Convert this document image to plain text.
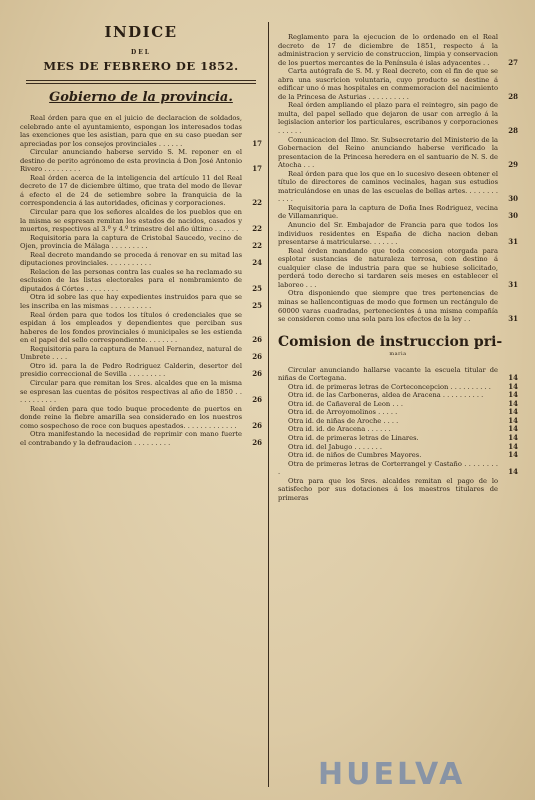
INDICE
DEL
MES DE FEBRERO DE 1852.
Gobierno de la provincia.
Real órden para que en el juicio de declaracion de soldados, celebrado ante el ayuntamiento, espongan los interesados todas las exenciones que les asistian, para que en su caso puedan ser apreciadas por los consejos provinciales . . . . . .	17
Circular anunciando haberse servido S. M. reponer en el destino de perito agrónomo de esta provincia á Don José Antonio Rivero . . . . . . . . .	17
Real órden acerca de la inteligencia del artículo 11 del Real decreto de 17 de diciembre último, que trata del modo de llevar á efecto el de 24 de setiembre sobre la franquicia de la correspondencia á las autoridades, oficinas y corporaciones.	22
Circular para que los señores alcaldes de los pueblos que en la misma se espresan remitan los estados de nacidos, casados y muertos, respectivos al 3.º y 4.º trimestre del año último . . . . . .	22
Requisitoria para la captura de Cristobal Saucedo, vecino de Ojen, provincia de Málaga . . . . . . . . .	22
Real decreto mandando se proceda á renovar en su mitad las diputaciones provinciales. . . . . . . . . . .	24
Relacion de las personas contra las cuales se ha reclamado su esclusion de las listas electorales para el nombramiento de diputados á Córtes . . . . . . . .	25
Otra id sobre las que hay expedientes instruidos para que se les inscriba en las mismas . . . . . . . . . .	25
Real órden para que todos los títulos ó credenciales que se espidan á los empleados y dependientes que perciban sus haberes de los fondos provinciales ó municipales se les estienda en el papel del sello correspondiente. . . . . . . .	26
Requisitoria para la captura de Manuel Fernandez, natural de Umbrete . . . .	26
Otro id. para la de Pedro Rodriguez Calderin, desertor del presidio correccional de Sevilla . . . . . . . . .	26
Circular para que remitan los Sres. alcaldes que en la misma se espresan las cuentas de pósitos respectivas al año de 1850 . . . . . . . . . . .	26
Real órden para que todo buque procedente de puertos en donde reine la fiebre amarilla sea considerado en los nuestros como sospechoso de roce con buques apestados. . . . . . . . . . . . .	26
Otra manifestando la necesidad de reprimir con mano fuerte el contrabando y la defraudacion . . . . . . . . .	26
Reglamento para la ejecucion de lo ordenado en el Real decreto de 17 de diciembre de 1851, respecto á la administracion y servicio de construccion, limpia y conservacion de los puertos mercantes de la Península é islas adyacentes . .	27
Carta autógrafa de S. M. y Real decreto, con el fin de que se abra una suscricion voluntaria, cuyo producto se destine á edificar uno ó mas hospitales en conmemoracion del nacimiento de la Princesa de Asturias . . . . . . . . . .	28
Real órden ampliando el plazo para el reintegro, sin pago de multa, del papel sellado que dejaron de usar con arreglo á la legislacion anterior los particulares, escribanos y corporaciones . . . . . .	28
Comunicacion del Ilmo. Sr. Subsecretario del Ministerio de la Gobernacion del Reino anunciando haberse verificado la presentacion de la Princesa heredera en el santuario de N. S. de Atocha . . .	29
Real órden para que los que en lo sucesivo deseen obtener el título de directores de caminos vecinales, hagan sus estudios matriculándose en unas de las escuelas de bellas artes. . . . . . . . . . . .	30
Requisitoria para la captura de Doña Ines Rodriguez, vecina de Villamanrique.	30
Anuncio del Sr. Embajador de Francia para que todos los individuos residentes en España de dicha nacion deban presentarse á matricularse. . . . . . .	31
Real órden mandando que toda concesion otorgada para esplotar sustancias de naturaleza terrosa, con destino á cualquier clase de industria para que se hubiese solicitado, perderá todo derecho si tardaren seis meses en establecer el laboreo . . .	31
Otra disponiendo que siempre que tres pertenencias de minas se hallencontiguas de modo que formen un rectángulo de 60000 varas cuadradas, pertenecientes á una misma compañía se consideren como una sola para los efectos de la ley . .	31
Comision de instruccion pri-
maria
Circular anunciando hallarse vacante la escuela titular de niñas de Cortegana.	14
Otra id. de primeras letras de Corteconcepcion . . . . . . . . . .	14
Otra id. de las Carboneras, aldea de Aracena . . . . . . . . . .	14
Otra id. de Cañaveral de Leon . . .	14
Otra id. de Arroyomolinos . . . . .	14
Otra id. de niñas de Aroche . . . .	14
Otra id. id. de Aracena . . . . . .	14
Otra id. de primeras letras de Linares.	14
Otra id. del Jabugo . . . . . . .	14
Otra id. de niños de Cumbres Mayores.	14
Otra de primeras letras de Corterrangel y Castaño . . . . . . . . .	14
Otra para que los Sres. alcaldes remitan el pago de lo satisfecho por sus dotaciones á los maestros titulares de primeras
HUELVA
